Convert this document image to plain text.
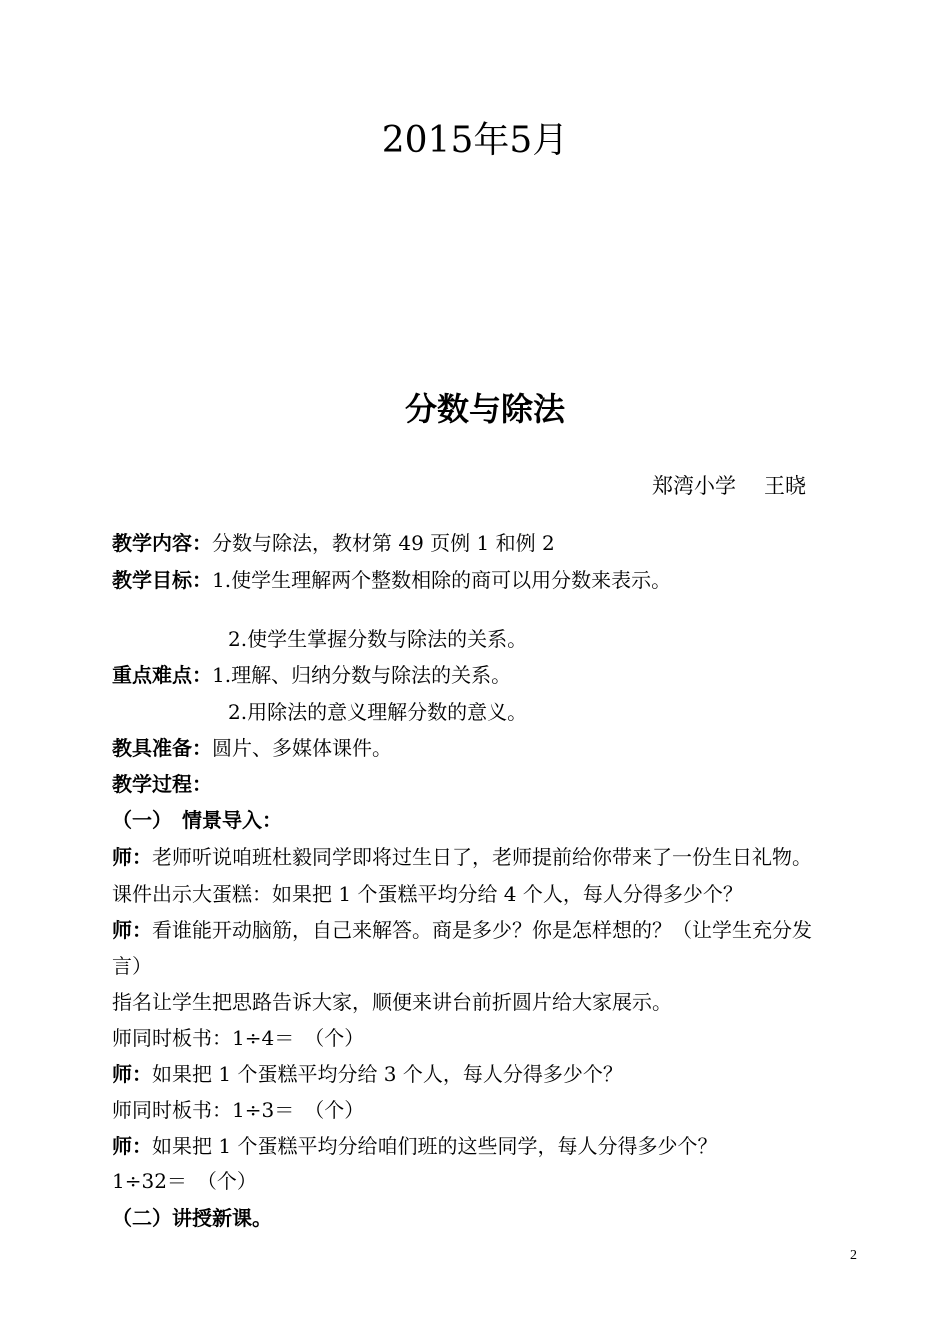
2015年5月
分数与除法
郑湾小学 王晓
教学内容：分数与除法，教材第 49 页例 1 和例 2
教学目标：1.使学生理解两个整数相除的商可以用分数来表示。
2.使学生掌握分数与除法的关系。
重点难点：1.理解、归纳分数与除法的关系。
2.用除法的意义理解分数的意义。
教具准备：圆片、多媒体课件。
教学过程：
（一）　情景导入：
师：老师听说咱班杜毅同学即将过生日了，老师提前给你带来了一份生日礼物。
课件出示大蛋糕：如果把 1 个蛋糕平均分给 4 个人，每人分得多少个？
师：看谁能开动脑筋，自己来解答。商是多少？你是怎样想的？（让学生充分发
言）
指名让学生把思路告诉大家，顺便来讲台前折圆片给大家展示。
师同时板书：1÷4＝　（个）
师：如果把 1 个蛋糕平均分给 3 个人，每人分得多少个？
师同时板书：1÷3＝　（个）
师：如果把 1 个蛋糕平均分给咱们班的这些同学，每人分得多少个？
1÷32＝　（个）
（二）讲授新课。
2
